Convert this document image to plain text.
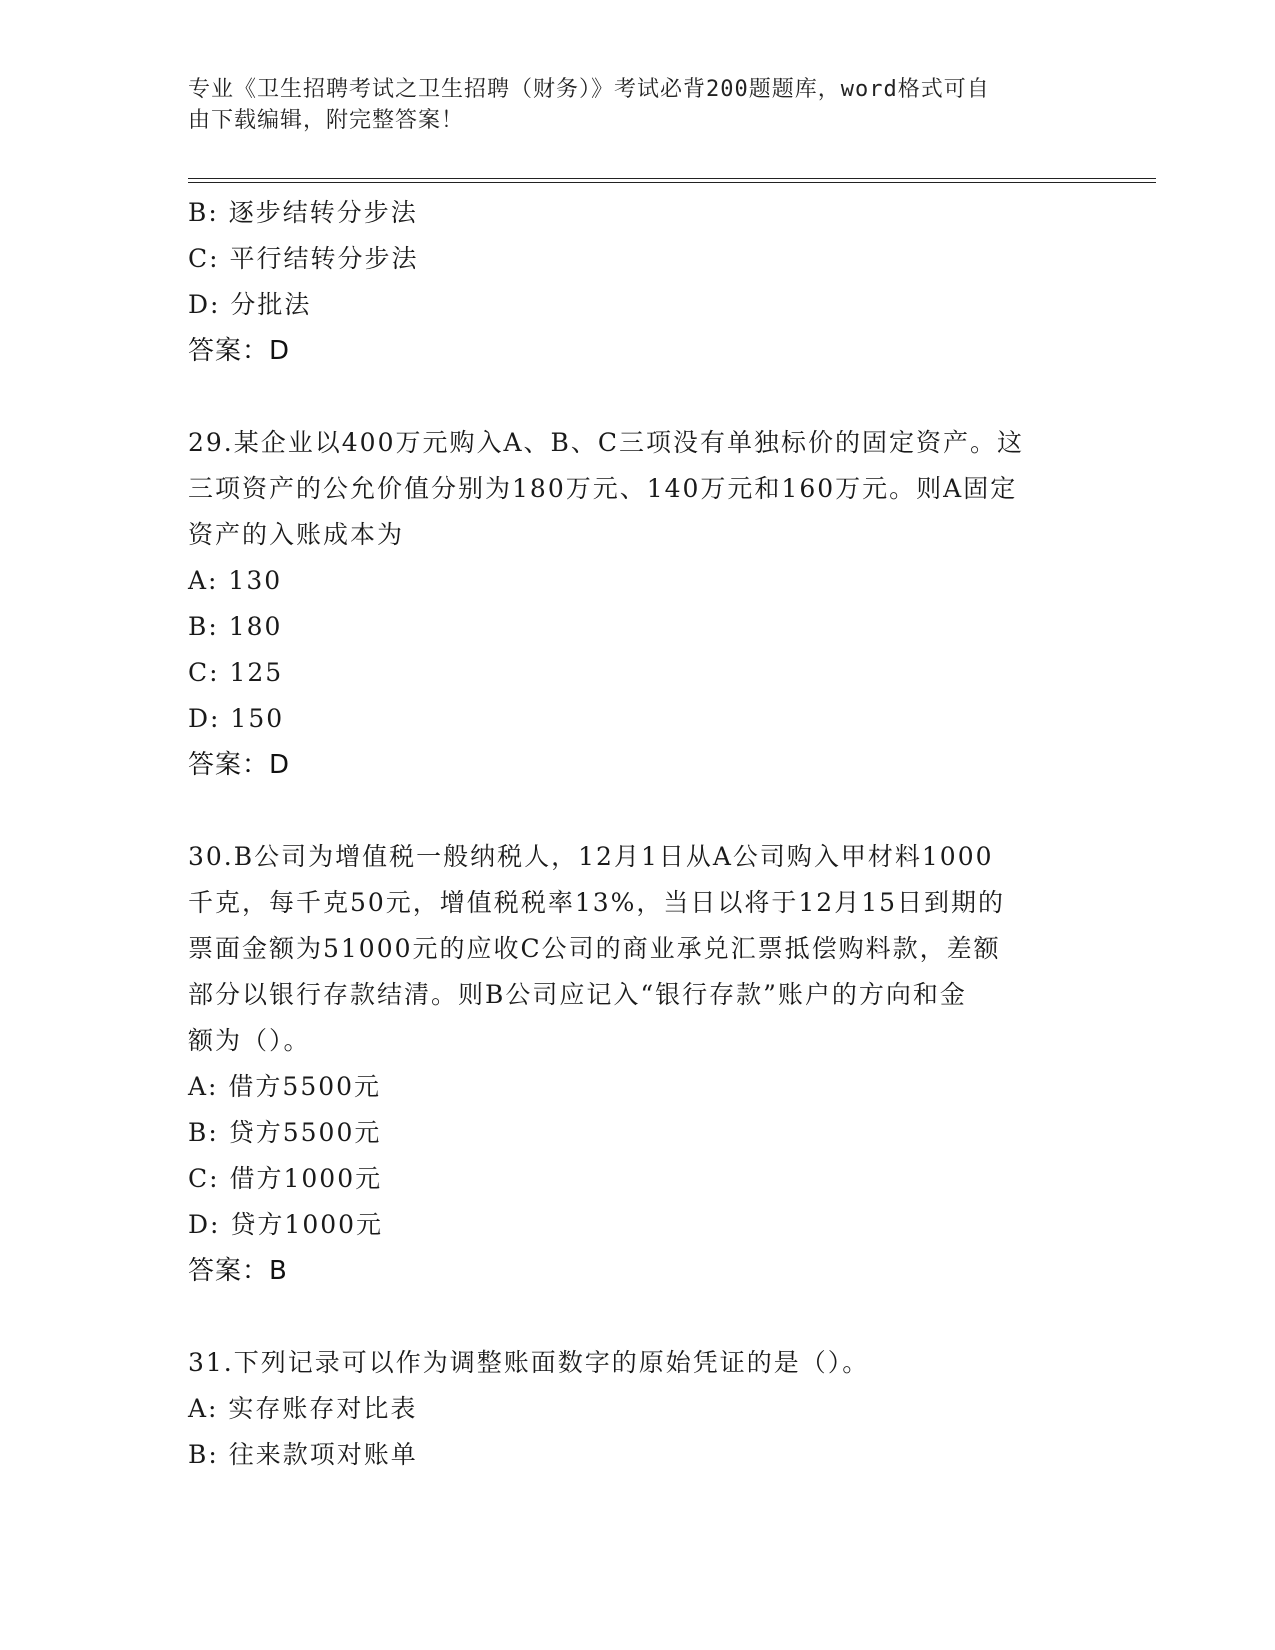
专业《卫生招聘考试之卫生招聘（财务）》考试必背200题题库，word格式可自
由下载编辑，附完整答案！
B: 逐步结转分步法
C: 平行结转分步法
D: 分批法
答案：D
29.某企业以400万元购入A、B、C三项没有单独标价的固定资产。这
三项资产的公允价值分别为180万元、140万元和160万元。则A固定
资产的入账成本为
A: 130
B: 180
C: 125
D: 150
答案：D
30.B公司为增值税一般纳税人，12月1日从A公司购入甲材料1000
千克，每千克50元，增值税税率13%，当日以将于12月15日到期的
票面金额为51000元的应收C公司的商业承兑汇票抵偿购料款，差额
部分以银行存款结清。则B公司应记入“银行存款”账户的方向和金
额为（）。
A: 借方5500元
B: 贷方5500元
C: 借方1000元
D: 贷方1000元
答案：B
31.下列记录可以作为调整账面数字的原始凭证的是（）。
A: 实存账存对比表
B: 往来款项对账单
